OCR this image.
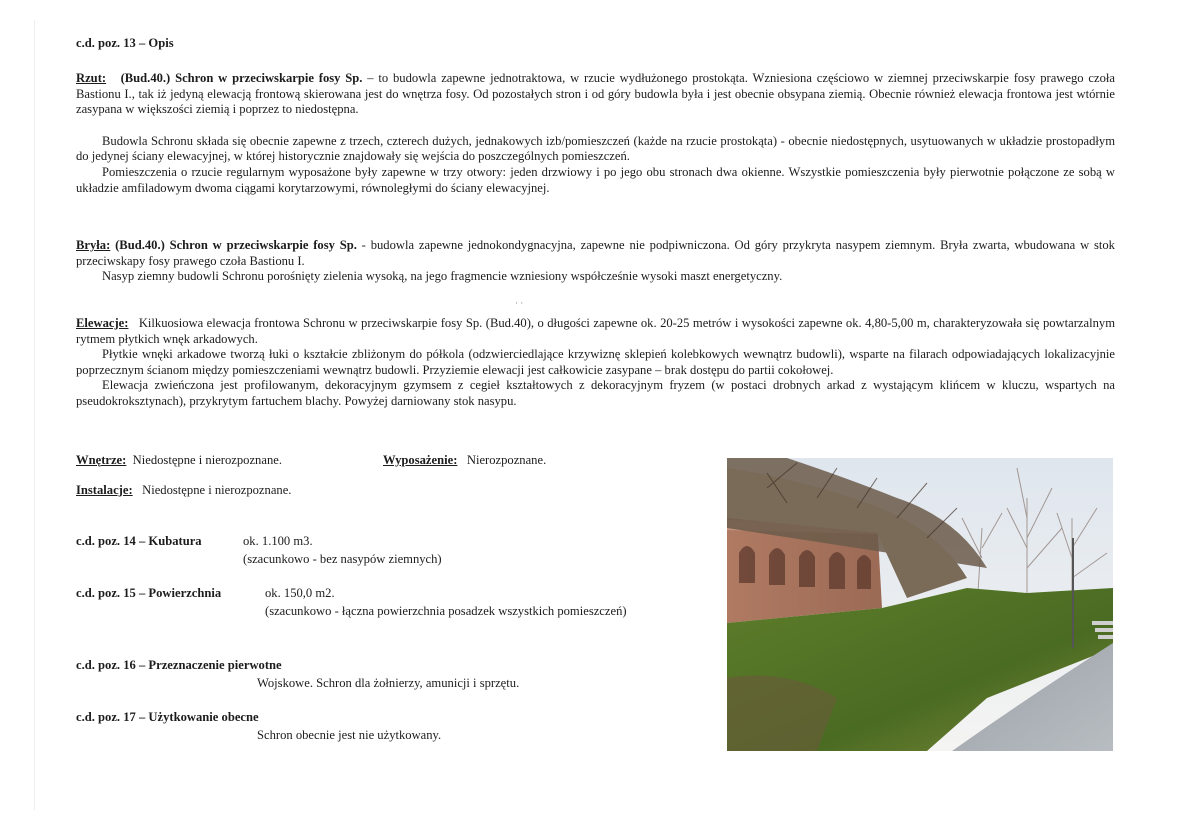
c.d. poz. 13 – Opis

Rzut: (Bud.40.) Schron w przeciwskarpie fosy Sp. – to budowla zapewne jednotraktowa, w rzucie wydłużonego prostokąta. Wzniesiona częściowo w ziemnej przeciwskarpie fosy prawego czoła Bastionu I., tak iż jedyną elewacją frontową skierowana jest do wnętrza fosy. Od pozostałych stron i od góry budowla była i jest obecnie obsypana ziemią. Obecnie również elewacja frontowa jest wtórnie zasypana w większości ziemią i poprzez to niedostępna.

Budowla Schronu składa się obecnie zapewne z trzech, czterech dużych, jednakowych izb/pomieszczeń (każde na rzucie prostokąta) - obecnie niedostępnych, usytuowanych w układzie prostopadłym do jedynej ściany elewacyjnej, w której historycznie znajdowały się wejścia do poszczególnych pomieszczeń.

Pomieszczenia o rzucie regularnym wyposażone były zapewne w trzy otwory: jeden drzwiowy i po jego obu stronach dwa okienne. Wszystkie pomieszczenia były pierwotnie połączone ze sobą w układzie amfiladowym dwoma ciągami korytarzowymi, równoległymi do ściany elewacyjnej.

Bryła: (Bud.40.) Schron w przeciwskarpie fosy Sp. - budowla zapewne jednokondygnacyjna, zapewne nie podpiwniczona. Od góry przykryta nasypem ziemnym. Bryła zwarta, wbudowana w stok przeciwskapy fosy prawego czoła Bastionu I.

Nasyp ziemny budowli Schronu porośnięty zielenia wysoką, na jego fragmencie wzniesiony współcześnie wysoki maszt energetyczny.

· ·

Elewacje: Kilkuosiowa elewacja frontowa Schronu w przeciwskarpie fosy Sp. (Bud.40), o długości zapewne ok. 20-25 metrów i wysokości zapewne ok. 4,80-5,00 m, charakteryzowała się powtarzalnym rytmem płytkich wnęk arkadowych.

Płytkie wnęki arkadowe tworzą łuki o kształcie zbliżonym do półkola (odzwierciedlające krzywiznę sklepień kolebkowych wewnątrz budowli), wsparte na filarach odpowiadających lokalizacyjnie poprzecznym ścianom między pomieszczeniami wewnątrz budowli. Przyziemie elewacji jest całkowicie zasypane – brak dostępu do partii cokołowej.

Elewacja zwieńczona jest profilowanym, dekoracyjnym gzymsem z cegieł kształtowych z dekoracyjnym fryzem (w postaci drobnych arkad z wystającym klińcem w kluczu, wspartych na pseudokroksztynach), przykrytym fartuchem blachy. Powyżej darniowany stok nasypu.

Wnętrze: Niedostępne i nierozpoznane.	Wyposażenie: Nierozpoznane.
Instalacje: Niedostępne i nierozpoznane.
c.d. poz. 14 – Kubatura	ok. 1.100 m3.
(szacunkowo - bez nasypów ziemnych)
c.d. poz. 15 – Powierzchnia	ok. 150,0 m2.
(szacunkowo - łączna powierzchnia posadzek wszystkich pomieszczeń)
c.d. poz. 16 – Przeznaczenie pierwotne
Wojskowe. Schron dla żołnierzy, amunicji i sprzętu.
c.d. poz. 17 – Użytkowanie obecne
Schron obecnie jest nie użytkowany.
